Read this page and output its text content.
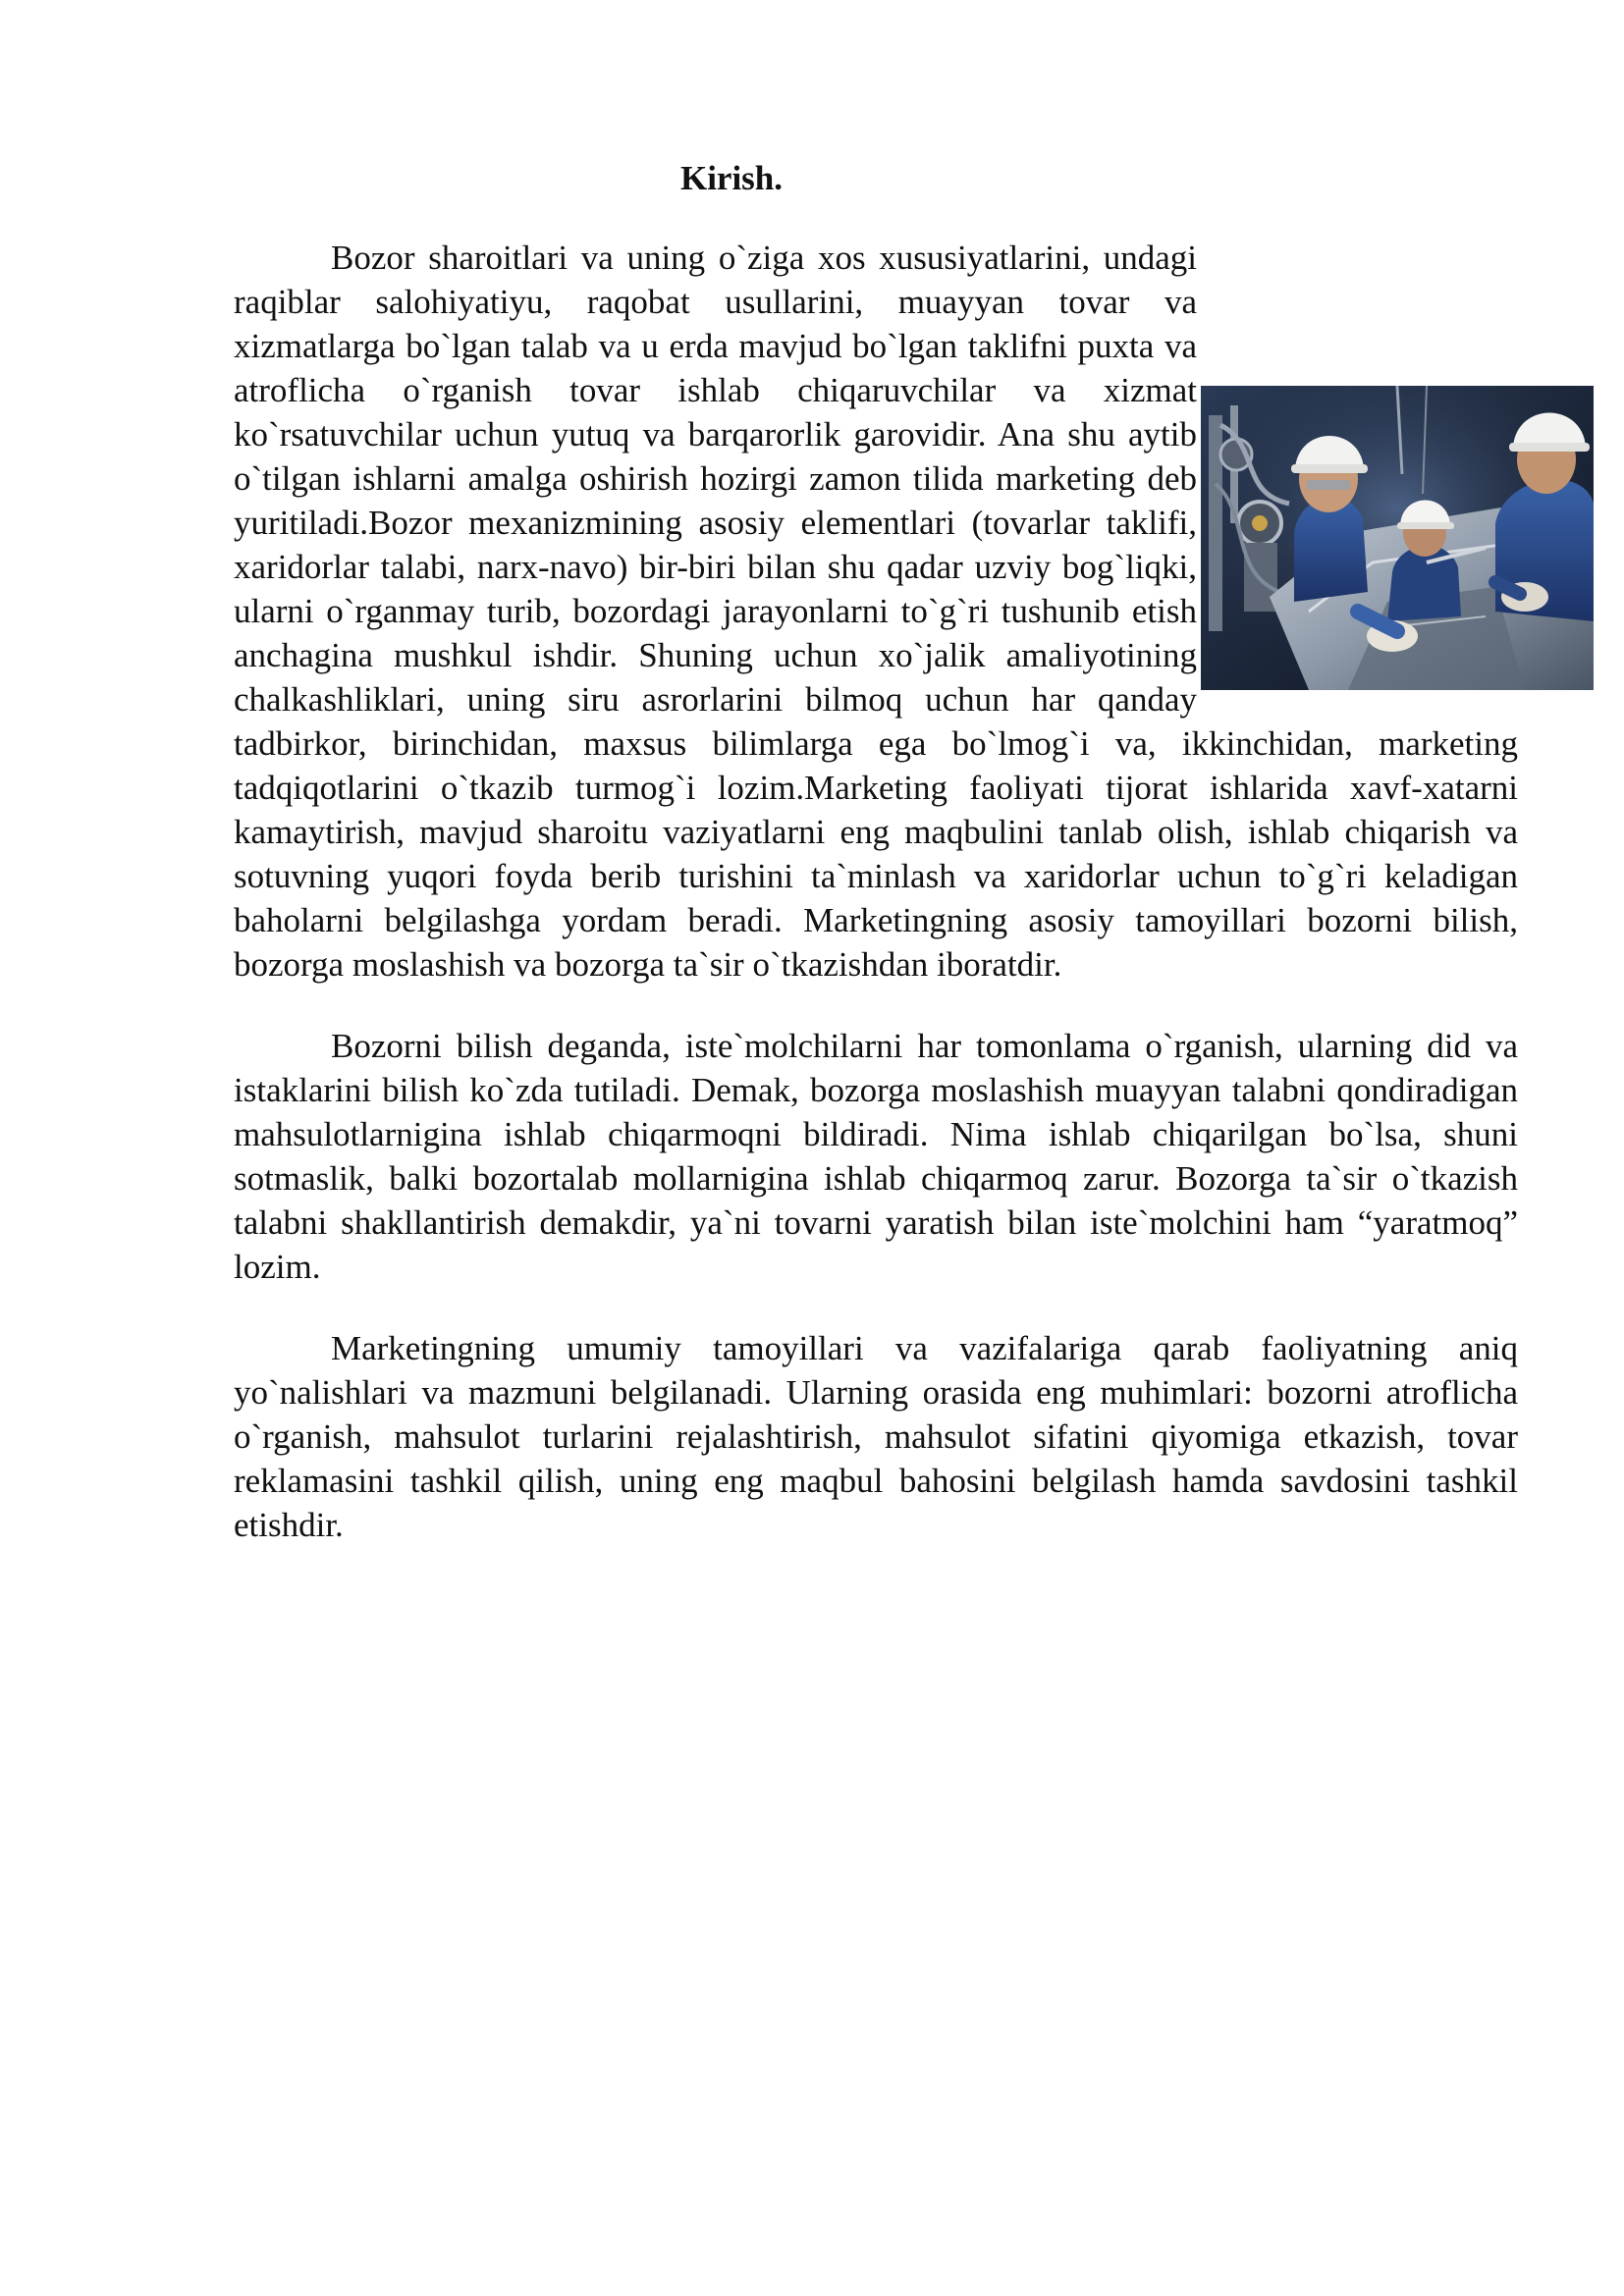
Kirish.

Bozor sharoitlari va uning o`ziga xos xususiyatlarini, undagi raqiblar salohiyatiyu, raqobat usullarini, muayyan tovar va xizmatlarga bo`lgan talab va u erda mavjud bo`lgan taklifni puxta va atroflicha o`rganish tovar ishlab chiqaruvchilar va xizmat ko`rsatuvchilar uchun yutuq va barqarorlik garovidir. Ana shu aytib o`tilgan ishlarni amalga oshirish hozirgi zamon tilida marketing deb yuritiladi.Bozor mexanizmining asosiy elementlari (tovarlar taklifi, xaridorlar talabi, narx-navo) bir-biri bilan shu qadar uzviy bog`liqki, ularni o`rganmay turib, bozordagi jarayonlarni to`g`ri tushunib etish anchagina mushkul ishdir. Shuning uchun xo`jalik amaliyotining chalkashliklari, uning siru asrorlarini bilmoq uchun har qanday tadbirkor, birinchidan, maxsus bilimlarga ega bo`lmog`i va, ikkinchidan, marketing tadqiqotlarini o`tkazib turmog`i lozim.Marketing faoliyati tijorat ishlarida xavf-xatarni kamaytirish, mavjud sharoitu vaziyatlarni eng maqbulini tanlab olish, ishlab chiqarish va sotuvning yuqori foyda berib turishini ta`minlash va xaridorlar uchun to`g`ri keladigan baholarni belgilashga yordam beradi. Marketingning asosiy tamoyillari bozorni bilish, bozorga moslashish va bozorga ta`sir o`tkazishdan iboratdir.

Bozorni bilish deganda, iste`molchilarni har tomonlama o`rganish, ularning did va istaklarini bilish ko`zda tutiladi. Demak, bozorga moslashish muayyan talabni qondiradigan mahsulotlarnigina ishlab chiqarmoqni bildiradi. Nima ishlab chiqarilgan bo`lsa, shuni sotmaslik, balki bozortalab mollarnigina ishlab chiqarmoq zarur. Bozorga ta`sir o`tkazish talabni shakllantirish demakdir, ya`ni tovarni yaratish bilan iste`molchini ham “yaratmoq” lozim.

Marketingning umumiy tamoyillari va vazifalariga qarab faoliyatning aniq yo`nalishlari va mazmuni belgilanadi. Ularning orasida eng muhimlari: bozorni atroflicha o`rganish, mahsulot turlarini rejalashtirish, mahsulot sifatini qiyomiga etkazish, tovar reklamasini tashkil qilish, uning eng maqbul bahosini belgilash hamda savdosini tashkil etishdir.
